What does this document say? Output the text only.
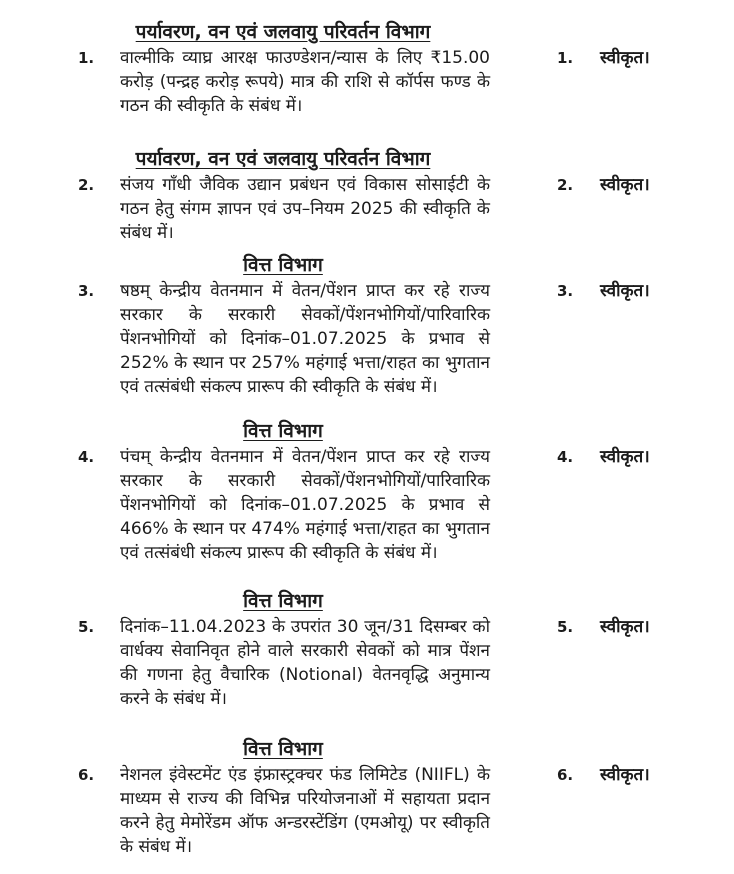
पर्यावरण, वन एवं जलवायु परिवर्तन विभाग
1.	वाल्मीकि व्याघ्र आरक्ष फाउण्डेशन/न्यास के लिए ₹15.00 करोड़ (पन्द्रह करोड़ रूपये) मात्र की राशि से कॉर्पस फण्ड के गठन की स्वीकृति के संबंध में।

1.	स्वीकृत।
पर्यावरण, वन एवं जलवायु परिवर्तन विभाग
2.	संजय गाँधी जैविक उद्यान प्रबंधन एवं विकास सोसाईटी के गठन हेतु संगम ज्ञापन एवं उप–नियम 2025 की स्वीकृति के संबंध में।

2.	स्वीकृत।
वित्त विभाग
3.	षष्ठम् केन्द्रीय वेतनमान में वेतन/पेंशन प्राप्त कर रहे राज्य सरकार के सरकारी सेवकों/पेंशनभोगियों/पारिवारिक पेंशनभोगियों को दिनांक–01.07.2025 के प्रभाव से 252% के स्थान पर 257% महंगाई भत्ता/राहत का भुगतान एवं तत्संबंधी संकल्प प्रारूप की स्वीकृति के संबंध में।

3.	स्वीकृत।
वित्त विभाग
4.	पंचम् केन्द्रीय वेतनमान में वेतन/पेंशन प्राप्त कर रहे राज्य सरकार के सरकारी सेवकों/पेंशनभोगियों/पारिवारिक पेंशनभोगियों को दिनांक–01.07.2025 के प्रभाव से 466% के स्थान पर 474% महंगाई भत्ता/राहत का भुगतान एवं तत्संबंधी संकल्प प्रारूप की स्वीकृति के संबंध में।

4.	स्वीकृत।
वित्त विभाग
5.	दिनांक–11.04.2023 के उपरांत 30 जून/31 दिसम्बर को वार्धक्य सेवानिवृत होने वाले सरकारी सेवकों को मात्र पेंशन की गणना हेतु वैचारिक (Notional) वेतनवृद्धि अनुमान्य करने के संबंध में।

5.	स्वीकृत।
वित्त विभाग
6.	नेशनल इंवेस्टमेंट एंड इंफ्रास्ट्रक्चर फंड लिमिटेड (NIIFL) के माध्यम से राज्य की विभिन्न परियोजनाओं में सहायता प्रदान करने हेतु मेमोरेंडम ऑफ अन्डरस्टेंडिंग (एमओयू) पर स्वीकृति के संबंध में।

6.	स्वीकृत।
